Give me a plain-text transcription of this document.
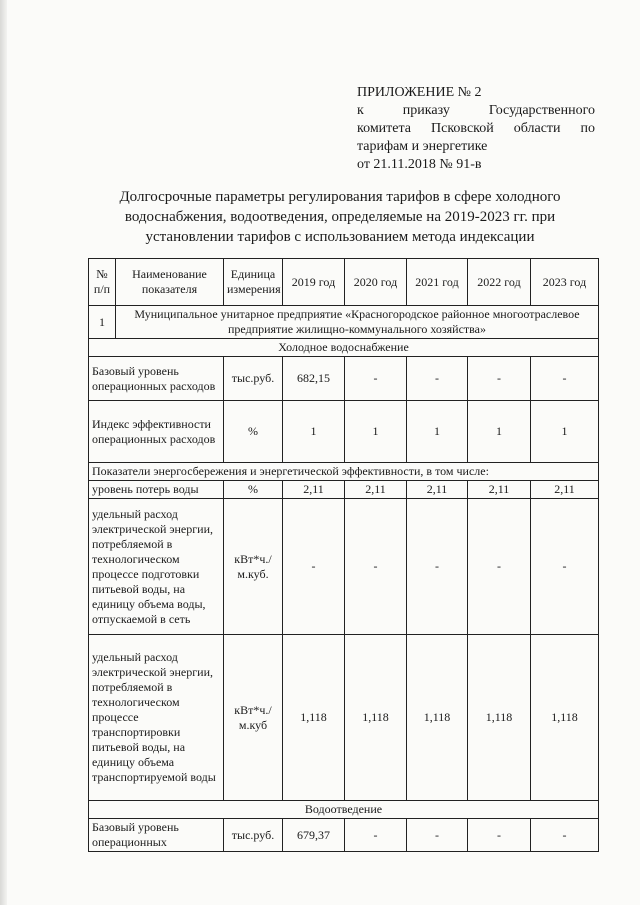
ПРИЛОЖЕНИЕ № 2
к приказу Государственного
комитета Псковской области по
тарифам и энергетике
от 21.11.2018 № 91-в
Долгосрочные параметры регулирования тарифов в сфере холодного водоснабжения, водоотведения, определяемые на 2019-2023 гг. при установлении тарифов с использованием метода индексации
№ п/п	Наименование показателя	Единица измерения	2019 год	2020 год	2021 год	2022 год	2023 год
1	Муниципальное унитарное предприятие «Красногородское районное многоотраслевое предприятие жилищно-коммунального хозяйства»						
Холодное водоснабжение							
Базовый уровень операционных расходов		тыс.руб.	682,15	-	-	-	-
Индекс эффективности операционных расходов		%	1	1	1	1	1
Показатели энергосбережения и энергетической эффективности, в том числе:							
уровень потерь воды		%	2,11	2,11	2,11	2,11	2,11
удельный расход электрической энергии, потребляемой в технологическом процессе подготовки питьевой воды, на единицу объема воды, отпускаемой в сеть		кВт*ч./м.куб.	-	-	-	-	-
удельный расход электрической энергии, потребляемой в технологическом процессе транспортировки питьевой воды, на единицу объема транспортируемой воды		кВт*ч./м.куб	1,118	1,118	1,118	1,118	1,118
Водоотведение							
Базовый уровень операционных		тыс.руб.	679,37	-	-	-	-
